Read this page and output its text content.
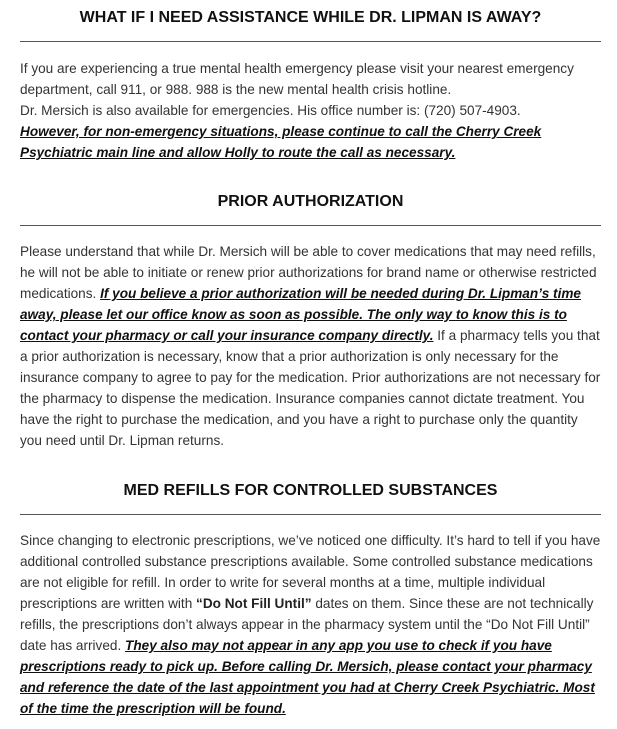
WHAT IF I NEED ASSISTANCE WHILE DR. LIPMAN IS AWAY?

If you are experiencing a true mental health emergency please visit your nearest emergency department, call 911, or 988. 988 is the new mental health crisis hotline.

Dr. Mersich is also available for emergencies. His office number is: (720) 507-4903.

However, for non-emergency situations, please continue to call the Cherry Creek Psychiatric main line and allow Holly to route the call as necessary.

PRIOR AUTHORIZATION

Please understand that while Dr. Mersich will be able to cover medications that may need refills, he will not be able to initiate or renew prior authorizations for brand name or otherwise restricted medications. If you believe a prior authorization will be needed during Dr. Lipman’s time away, please let our office know as soon as possible. The only way to know this is to contact your pharmacy or call your insurance company directly. If a pharmacy tells you that a prior authorization is necessary, know that a prior authorization is only necessary for the insurance company to agree to pay for the medication. Prior authorizations are not necessary for the pharmacy to dispense the medication. Insurance companies cannot dictate treatment. You have the right to purchase the medication, and you have a right to purchase only the quantity you need until Dr. Lipman returns.

MED REFILLS FOR CONTROLLED SUBSTANCES

Since changing to electronic prescriptions, we’ve noticed one difficulty. It’s hard to tell if you have additional controlled substance prescriptions available. Some controlled substance medications are not eligible for refill. In order to write for several months at a time, multiple individual prescriptions are written with “Do Not Fill Until” dates on them. Since these are not technically refills, the prescriptions don’t always appear in the pharmacy system until the “Do Not Fill Until” date has arrived. They also may not appear in any app you use to check if you have prescriptions ready to pick up. Before calling Dr. Mersich, please contact your pharmacy and reference the date of the last appointment you had at Cherry Creek Psychiatric. Most of the time the prescription will be found.
